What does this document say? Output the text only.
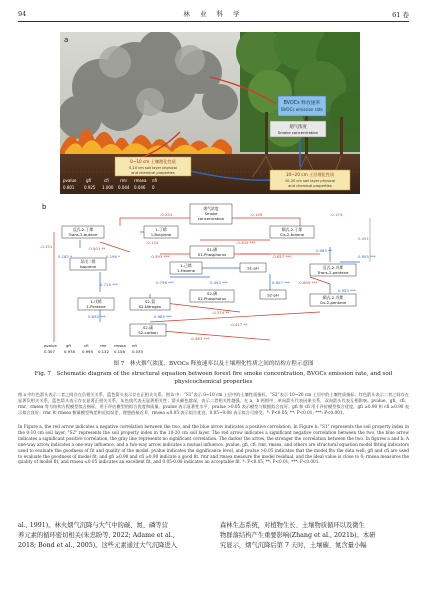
94	林 业 科 学	61 卷
BVOCs 释放速率
BVOCs emission rate
烟气浓度
Smoke concentration
0~10 cm 土壤理化性质
0-10 cm soil layer physical
and chemical properties	10~20 cm 土层理化性质
10-20 cm soil layer physical
and chemical properties
a
pvalue gfi	cfi	rmr rmsea nfi
0.801 0.925 1.000 0.044 0.046 0
b	烟气浓度
Smoke
concentration
反式-2-丁烯
Trans-2-butene
1-丁烯
1-Butylene
顺式-2-丁烯
Cis-2-butene
S1-磷
S1-Phosphorus
异戊二烯
Isoprene	1-己烯
1-Hexene	S1-pH	反式-2-戊烯
Trans-2-pentene
S2-磷
S2-Phosphorus
S2-pH	顺式-2-戊烯
Cis-2-pentene
1-戊烯
1-Pentene
S2-氮
S2-Nitrogen
S2-碳
S2-carbon
-0.251	-0.149	-0.174
0.091
-0.151
-0.134	-0.305 ***
0.182 *
-0.501 **
0.196 *	-0.593 ***	-0.617 ***
0.965 **
0.955 ***
0.796 ***	0.493 ***	-0.809 ***
0.715 ***	0.807 ***
0.953 ***
-0.374 **
0.985 ***
0.830 ***
-0.417 **
-0.483 ***
pvalue gfi	cfi	rmr rmsea nfi
0.307 0.978 0.995 0.132 0.158 0.035
图 7　林火烟气浓度、BVOCs 释放速率以及土壤理化性质之间的结构方程示意图
Fig. 7　Schematic diagram of the structural equation between forest fire smoke concentration, BVOCs emission rate, and soil
physicochemical properties
图 a 中红色箭头表示二者之间存在负相关关系，蓝色箭头表示存在正相关关系。图 b 中：“S1”表示 0~10 cm 土层中的土壤性质指标，“S2”表示 10~20 cm 土层中的土壤性质指标；红色箭头表示二者之间存在显著负相关关系，蓝色箭头表示存在显著正相关关系，灰色线代表无显著相关性；箭头颜色越深，表示二者相关性越强。在 a、b 两图中，单向箭头代表因果关系，双向箭头代表互相影响。pvalue、gfi、cfi、rmr、rmsea 等为结构方程模型拟合指标，用于评估模型的拟合优度和质量。pvalue 表示显著性水平，pvalue >0.05 表示模型与数据拟合良好；gfi 和 cfi 用于评价模型拟合优度，gfi ≥0.90 和 cfi ≥0.90 表示拟合良好；rmr 和 rmsea 衡量模型残差和近似误差，理想值接近 0，rmsea ≤0.05 表示拟合优良，0.05~0.08 表示拟合可接受。*: P<0.05; **: P<0.01; ***: P<0.001。
In Figure a, the red arrow indicates a negative correlation between the two, and the blue arrow indicates a positive correlation. In Figure b: "S1" represents the soil property index in the 0-10 cm soil layer, "S2" represents the soil property index in the 10-20 cm soil layer. The red arrow indicates a significant negative correlation between the two, the blue arrow indicates a significant positive correlation, the gray line represents no significant correlation. The darker the arrow, the stronger the correlation between the two. In figures a and b: A one-way arrow indicates a one-way influence, and a two-way arrow indicates a mutual influence. pvalue, gfi, cfi, rmr, rmsea, and others are structural equation model fitting indicators used to evaluate the goodness of fit and quality of the model. pvalue indicates the significance level, and pvalue >0.05 indicates that the model fits the data well; gfi and cfi are used to evaluate the goodness of model fit, and gfi ≥0.90 and cfi ≥0.90 indicate a good fit. rmr and rmsea measure the model residual, and the ideal value is close to 0; rmsea measures the quality of model fit, and rmsea ≤0.05 indicates an excellent fit, and 0.05-0.08 indicates an acceptable fit. *: P<0.05; **: P<0.01; ***: P<0.001.
al., 1991)。林火烟气沉降与大气中的碳、氮、磷等营
养元素的循环密切相关(朱忠盼等, 2022; Adame et al.,
2018; Bond et al., 2005)。这些元素通过大气沉降进入
森林生态系统，对植物生长、土壤物质循环以及微生
物群落结构产生重要影响(Zhang et al., 2021b)。本研
究显示，烟气沉降后第 7 天时，土壤碳、氮含量小幅
